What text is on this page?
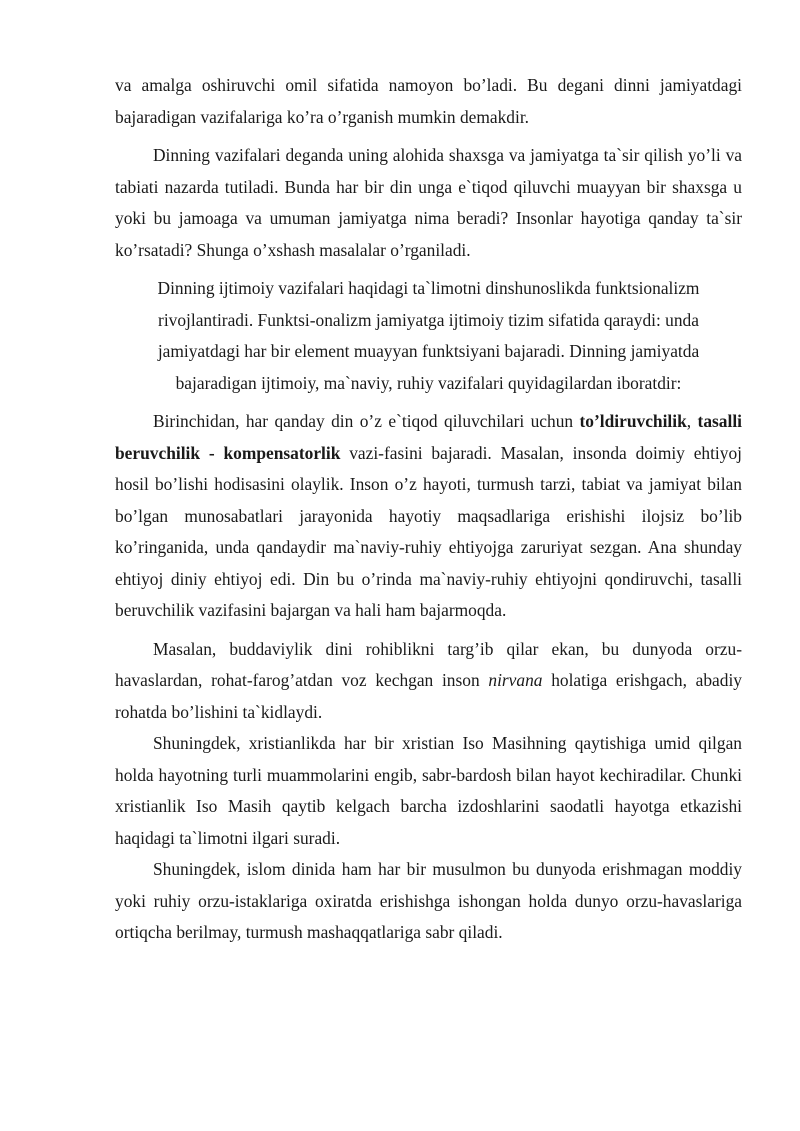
va amalga oshiruvchi omil sifatida namoyon bo’ladi. Bu degani dinni jamiyatdagi bajaradigan vazifalariga ko’ra o’rganish mumkin demakdir.

Dinning vazifalari deganda uning alohida shaxsga va jamiyatga ta`sir qilish yo’li va tabiati nazarda tutiladi. Bunda har bir din unga e`tiqod qiluvchi muayyan bir shaxsga u yoki bu jamoaga va umuman jamiyatga nima beradi? Insonlar hayotiga qanday ta`sir ko’rsatadi? Shunga o’xshash masalalar o’rganiladi.

Dinning ijtimoiy vazifalari haqidagi ta`limotni dinshunoslikda funktsionalizm
rivojlantiradi. Funktsi-onalizm jamiyatga ijtimoiy tizim sifatida qaraydi: unda
jamiyatdagi har bir element muayyan funktsiyani bajaradi. Dinning jamiyatda
bajaradigan ijtimoiy, ma`naviy, ruhiy vazifalari quyidagilardan iboratdir:

Birinchidan, har qanday din o’z e`tiqod qiluvchilari uchun to’ldiruvchilik, tasalli beruvchilik - kompensatorlik vazi-fasini bajaradi. Masalan, insonda doimiy ehtiyoj hosil bo’lishi hodisasini olaylik. Inson o’z hayoti, turmush tarzi, tabiat va jamiyat bilan bo’lgan munosabatlari jarayonida hayotiy maqsadlariga erishishi ilojsiz bo’lib ko’ringanida, unda qandaydir ma`naviy-ruhiy ehtiyojga zaruriyat sezgan. Ana shunday ehtiyoj diniy ehtiyoj edi. Din bu o’rinda ma`naviy-ruhiy ehtiyojni qondiruvchi, tasalli beruvchilik vazifasini bajargan va hali ham bajarmoqda.

Masalan, buddaviylik dini rohiblikni targ’ib qilar ekan, bu dunyoda orzu-havaslardan, rohat-farog’atdan voz kechgan inson nirvana holatiga erishgach, abadiy rohatda bo’lishini ta`kidlaydi.

Shuningdek, xristianlikda har bir xristian Iso Masihning qaytishiga umid qilgan holda hayotning turli muammolarini engib, sabr-bardosh bilan hayot kechiradilar. Chunki xristianlik Iso Masih qaytib kelgach barcha izdoshlarini saodatli hayotga etkazishi haqidagi ta`limotni ilgari suradi.

Shuningdek, islom dinida ham har bir musulmon bu dunyoda erishmagan moddiy yoki ruhiy orzu-istaklariga oxiratda erishishga ishongan holda dunyo orzu-havaslariga ortiqcha berilmay, turmush mashaqqatlariga sabr qiladi.
